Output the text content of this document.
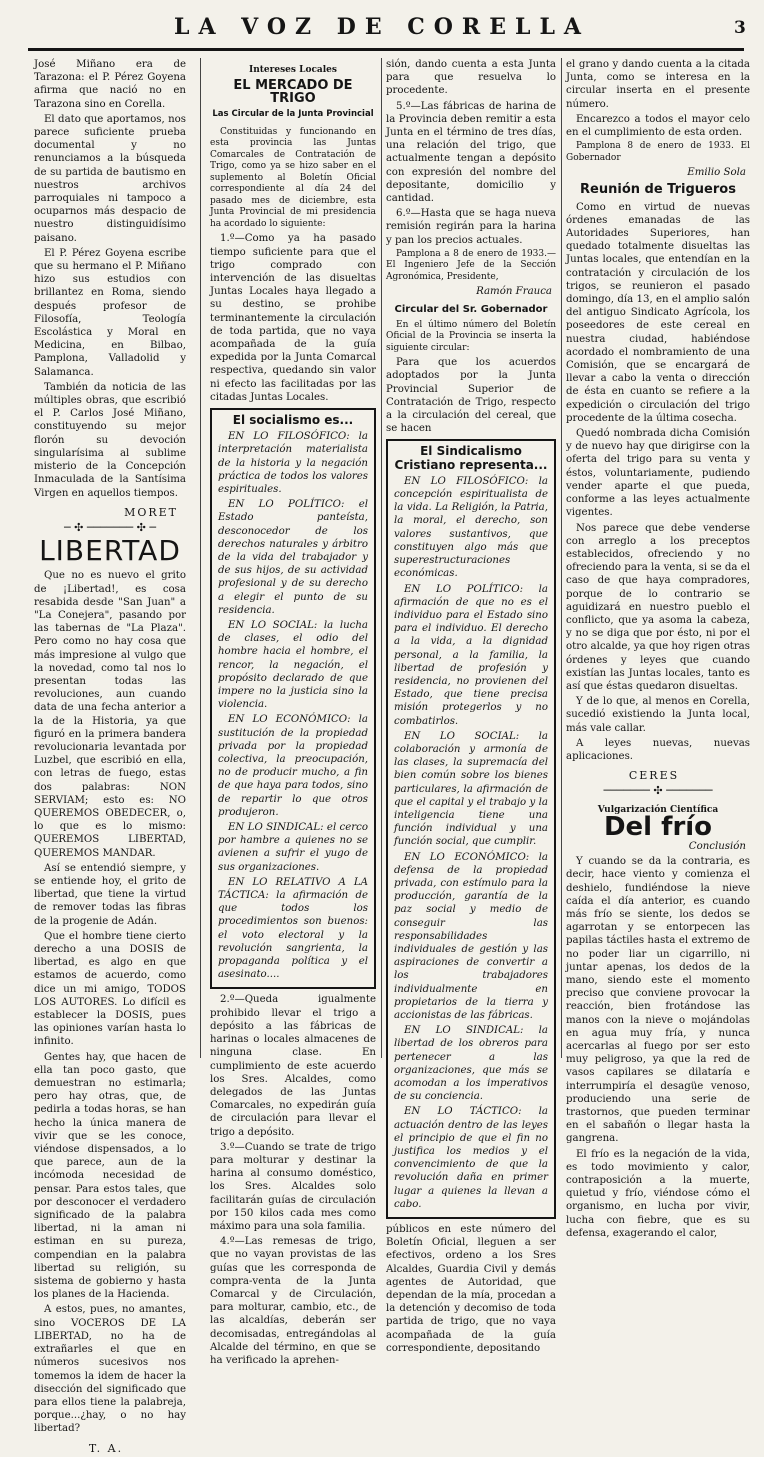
LA VOZ DE CORELLA	3

José Miñano era de Tarazona: el P. Pérez Goyena afirma que nació no en Tarazona sino en Corella.

El dato que aportamos, nos parece suficiente prueba documental y no renunciamos a la búsqueda de su partida de bautismo en nuestros archivos parroquiales ni tampoco a ocuparnos más despacio de nuestro distinguidísimo paisano.

El P. Pérez Goyena escribe que su hermano el P. Miñano hizo sus estudios con brillantez en Roma, siendo después profesor de Filosofía, Teología Escolástica y Moral en Medicina, en Bilbao, Pamplona, Valladolid y Salamanca.

También da noticia de las múltiples obras, que escribió el P. Carlos José Miñano, constituyendo su mejor florón su devoción singularísima al sublime misterio de la Concepción Inmaculada de la Santísima Virgen en aquellos tiempos.

MORET
─ ✣ ─────── ✣ ─
LIBERTAD

Que no es nuevo el grito de ¡Libertad!, es cosa resabida desde "San Juan" a "La Conejera", pasando por las tabernas de "La Plaza". Pero como no hay cosa que más impresione al vulgo que la novedad, como tal nos lo presentan todas las revoluciones, aun cuando data de una fecha anterior a la de la Historia, ya que figuró en la primera bandera revolucionaria levantada por Luzbel, que escribió en ella, con letras de fuego, estas dos palabras: NON SERVIAM; esto es: NO QUEREMOS OBEDECER, o, lo que es lo mismo: QUEREMOS LIBERTAD, QUEREMOS MANDAR.

Así se entendió siempre, y se entiende hoy, el grito de libertad, que tiene la virtud de remover todas las fibras de la progenie de Adán.

Que el hombre tiene cierto derecho a una DOSIS de libertad, es algo en que estamos de acuerdo, como dice un mi amigo, TODOS LOS AUTORES. Lo difícil es establecer la DOSIS, pues las opiniones varían hasta lo infinito.

Gentes hay, que hacen de ella tan poco gasto, que demuestran no estimarla; pero hay otras, que, de pedirla a todas horas, se han hecho la única manera de vivir que se les conoce, viéndose dispensados, a lo que parece, aun de la incómoda necesidad de pensar. Para estos tales, que por desconocer el verdadero significado de la palabra libertad, ni la aman ni estiman en su pureza, compendian en la palabra libertad su religión, su sistema de gobierno y hasta los planes de la Hacienda.

A estos, pues, no amantes, sino VOCEROS DE LA LIBERTAD, no ha de extrañarles el que en números sucesivos nos tomemos la idem de hacer la disección del significado que para ellos tiene la palabreja, porque...¿hay, o no hay libertad?

T. A.
Intereses Locales
EL MERCADO DE TRIGO
Las Circular de la Junta Provincial

Constituidas y funcionando en esta provincia las Juntas Comarcales de Contratación de Trigo, como ya se hizo saber en el suplemento al Boletín Oficial correspondiente al día 24 del pasado mes de diciembre, esta Junta Provincial de mi presidencia ha acordado lo siguiente:

1.º—Como ya ha pasado tiempo suficiente para que el trigo comprado con intervención de las disueltas Juntas Locales haya llegado a su destino, se prohibe terminantemente la circulación de toda partida, que no vaya acompañada de la guía expedida por la Junta Comarcal respectiva, quedando sin valor ni efecto las facilitadas por las citadas Juntas Locales.

El socialismo es...

EN LO FILOSÓFICO: la interpretación materialista de la historia y la negación práctica de todos los valores espirituales.

EN LO POLÍTICO: el Estado panteísta, desconocedor de los derechos naturales y árbitro de la vida del trabajador y de sus hijos, de su actividad profesional y de su derecho a elegir el punto de su residencia.

EN LO SOCIAL: la lucha de clases, el odio del hombre hacia el hombre, el rencor, la negación, el propósito declarado de que impere no la justicia sino la violencia.

EN LO ECONÓMICO: la sustitución de la propiedad privada por la propiedad colectiva, la preocupación, no de producir mucho, a fin de que haya para todos, sino de repartir lo que otros produjeron.

EN LO SINDICAL: el cerco por hambre a quienes no se avienen a sufrir el yugo de sus organizaciones.

EN LO RELATIVO A LA TÁCTICA: la afirmación de que todos los procedimientos son buenos: el voto electoral y la revolución sangrienta, la propaganda política y el asesinato....

2.º—Queda igualmente prohibido llevar el trigo a depósito a las fábricas de harinas o locales almacenes de ninguna clase. En cumplimiento de este acuerdo los Sres. Alcaldes, como delegados de las Juntas Comarcales, no expedirán guía de circulación para llevar el trigo a depósito.

3.º—Cuando se trate de trigo para molturar y destinar la harina al consumo doméstico, los Sres. Alcaldes solo facilitarán guías de circulación por 150 kilos cada mes como máximo para una sola familia.

4.º—Las remesas de trigo, que no vayan provistas de las guías que les corresponda de compra-venta de la Junta Comarcal y de Circulación, para molturar, cambio, etc., de las alcaldías, deberán ser decomisadas, entregándolas al Alcalde del término, en que se ha verificado la aprehen-

sión, dando cuenta a esta Junta para que resuelva lo procedente.

5.º—Las fábricas de harina de la Provincia deben remitir a esta Junta en el término de tres días, una relación del trigo, que actualmente tengan a depósito con expresión del nombre del depositante, domicilio y cantidad.

6.º—Hasta que se haga nueva remisión regirán para la harina y pan los precios actuales.

Pamplona a 8 de enero de 1933.—El Ingeniero Jefe de la Sección Agronómica, Presidente,

Ramón Frauca
Circular del Sr. Gobernador

En el último número del Boletín Oficial de la Provincia se inserta la siguiente circular:

Para que los acuerdos adoptados por la Junta Provincial Superior de Contratación de Trigo, respecto a la circulación del cereal, que se hacen

El Sindicalismo Cristiano representa...

EN LO FILOSÓFICO: la concepción espiritualista de la vida. La Religión, la Patria, la moral, el derecho, son valores sustantivos, que constituyen algo más que superestructuraciones económicas.

EN LO POLÍTICO: la afirmación de que no es el individuo para el Estado sino para el individuo. El derecho a la vida, a la dignidad personal, a la familia, la libertad de profesión y residencia, no provienen del Estado, que tiene precisa misión protegerlos y no combatirlos.

EN LO SOCIAL: la colaboración y armonía de las clases, la supremacía del bien común sobre los bienes particulares, la afirmación de que el capital y el trabajo y la inteligencia tiene una función individual y una función social, que cumplir.

EN LO ECONÓMICO: la defensa de la propiedad privada, con estímulo para la producción, garantía de la paz social y medio de conseguir las responsabilidades individuales de gestión y las aspiraciones de convertir a los trabajadores individualmente en propietarios de la tierra y accionistas de las fábricas.

EN LO SINDICAL: la libertad de los obreros para pertenecer a las organizaciones, que más se acomodan a los imperativos de su conciencia.

EN LO TÁCTICO: la actuación dentro de las leyes el principio de que el fin no justifica los medios y el convencimiento de que la revolución daña en primer lugar a quienes la llevan a cabo.

públicos en este número del Boletín Oficial, lleguen a ser efectivos, ordeno a los Sres Alcaldes, Guardia Civil y demás agentes de Autoridad, que dependan de la mía, procedan a la detención y decomiso de toda partida de trigo, que no vaya acompañada de la guía correspondiente, depositando

el grano y dando cuenta a la citada Junta, como se interesa en la circular inserta en el presente número.

Encarezco a todos el mayor celo en el cumplimiento de esta orden.

Pamplona 8 de enero de 1933. El Gobernador

Emilio Sola
Reunión de Trigueros

Como en virtud de nuevas órdenes emanadas de las Autoridades Superiores, han quedado totalmente disueltas las Juntas locales, que entendían en la contratación y circulación de los trigos, se reunieron el pasado domingo, día 13, en el amplio salón del antiguo Sindicato Agrícola, los poseedores de este cereal en nuestra ciudad, habiéndose acordado el nombramiento de una Comisión, que se encargará de llevar a cabo la venta o dirección de ésta en cuanto se refiere a la expedición o circulación del trigo procedente de la última cosecha.

Quedó nombrada dicha Comisión y de nuevo hay que dirigirse con la oferta del trigo para su venta y éstos, voluntariamente, pudiendo vender aparte el que pueda, conforme a las leyes actualmente vigentes.

Nos parece que debe venderse con arreglo a los preceptos establecidos, ofreciendo y no ofreciendo para la venta, si se da el caso de que haya compradores, porque de lo contrario se aguidizará en nuestro pueblo el conflicto, que ya asoma la cabeza, y no se diga que por ésto, ni por el otro alcalde, ya que hoy rigen otras órdenes y leyes que cuando existían las Juntas locales, tanto es así que éstas quedaron disueltas.

Y de lo que, al menos en Corella, sucedió existiendo la Junta local, más vale callar.

A leyes nuevas, nuevas aplicaciones.

CERES
─────── ✣ ───────
Vulgarización Científica
Del frío
Conclusión

Y cuando se da la contraria, es decir, hace viento y comienza el deshielo, fundiéndose la nieve caída el día anterior, es cuando más frío se siente, los dedos se agarrotan y se entorpecen las papilas táctiles hasta el extremo de no poder liar un cigarrillo, ni juntar apenas, los dedos de la mano, siendo este el momento preciso que conviene provocar la reacción, bien frotándose las manos con la nieve o mojándolas en agua muy fría, y nunca acercarlas al fuego por ser esto muy peligroso, ya que la red de vasos capilares se dilataría e interrumpiría el desagüe venoso, produciendo una serie de trastornos, que pueden terminar en el sabañón o llegar hasta la gangrena.

El frío es la negación de la vida, es todo movimiento y calor, contraposición a la muerte, quietud y frío, viéndose cómo el organismo, en lucha por vivir, lucha con fiebre, que es su defensa, exagerando el calor,
